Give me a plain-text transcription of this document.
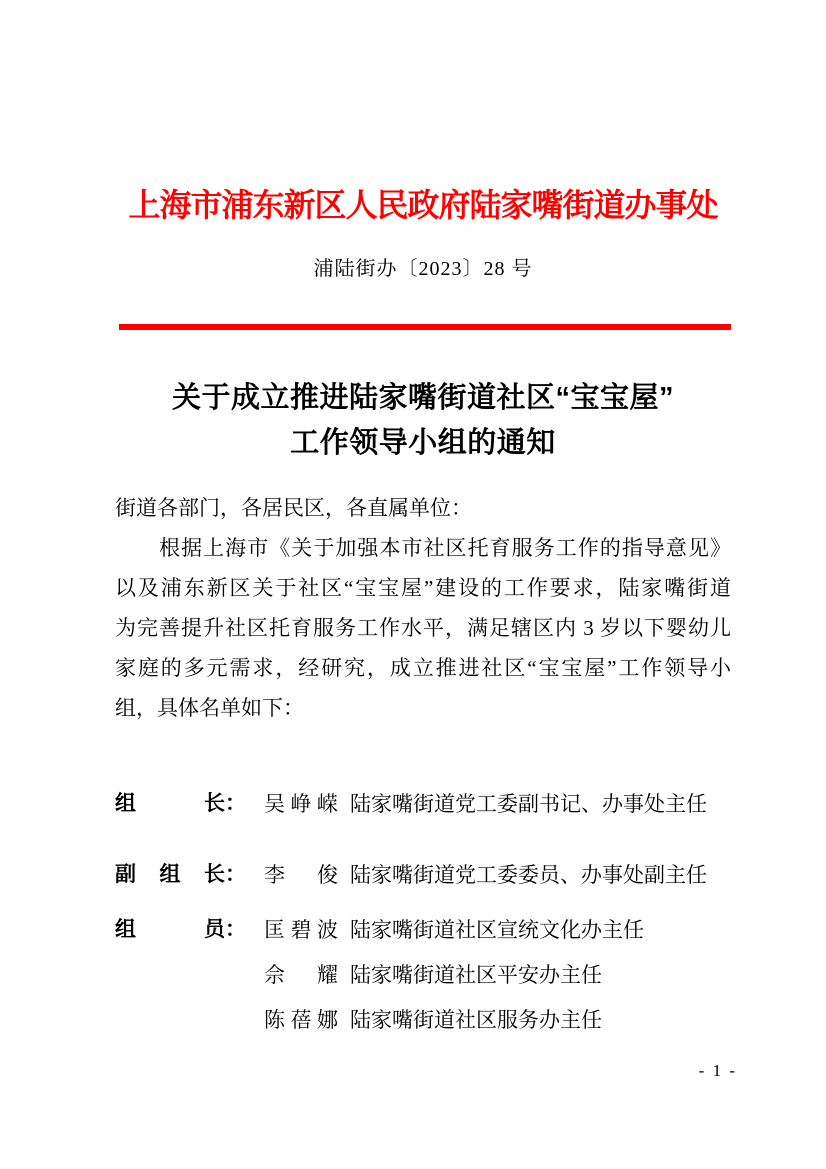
上海市浦东新区人民政府陆家嘴街道办事处
浦陆街办〔2023〕28 号
关于成立推进陆家嘴街道社区“宝宝屋”
工作领导小组的通知
街道各部门，各居民区，各直属单位：
　　根据上海市《关于加强本市社区托育服务工作的指导意见》
以及浦东新区关于社区“宝宝屋”建设的工作要求，陆家嘴街道
为完善提升社区托育服务工作水平，满足辖区内 3 岁以下婴幼儿
家庭的多元需求，经研究，成立推进社区“宝宝屋”工作领导小
组，具体名单如下：
组长： 吴峥嵘 陆家嘴街道党工委副书记、办事处主任
副组长： 李　俊 陆家嘴街道党工委委员、办事处副主任
组员： 匡碧波 陆家嘴街道社区宣统文化办主任
佘　耀 陆家嘴街道社区平安办主任
陈蓓娜 陆家嘴街道社区服务办主任
- 1 -
